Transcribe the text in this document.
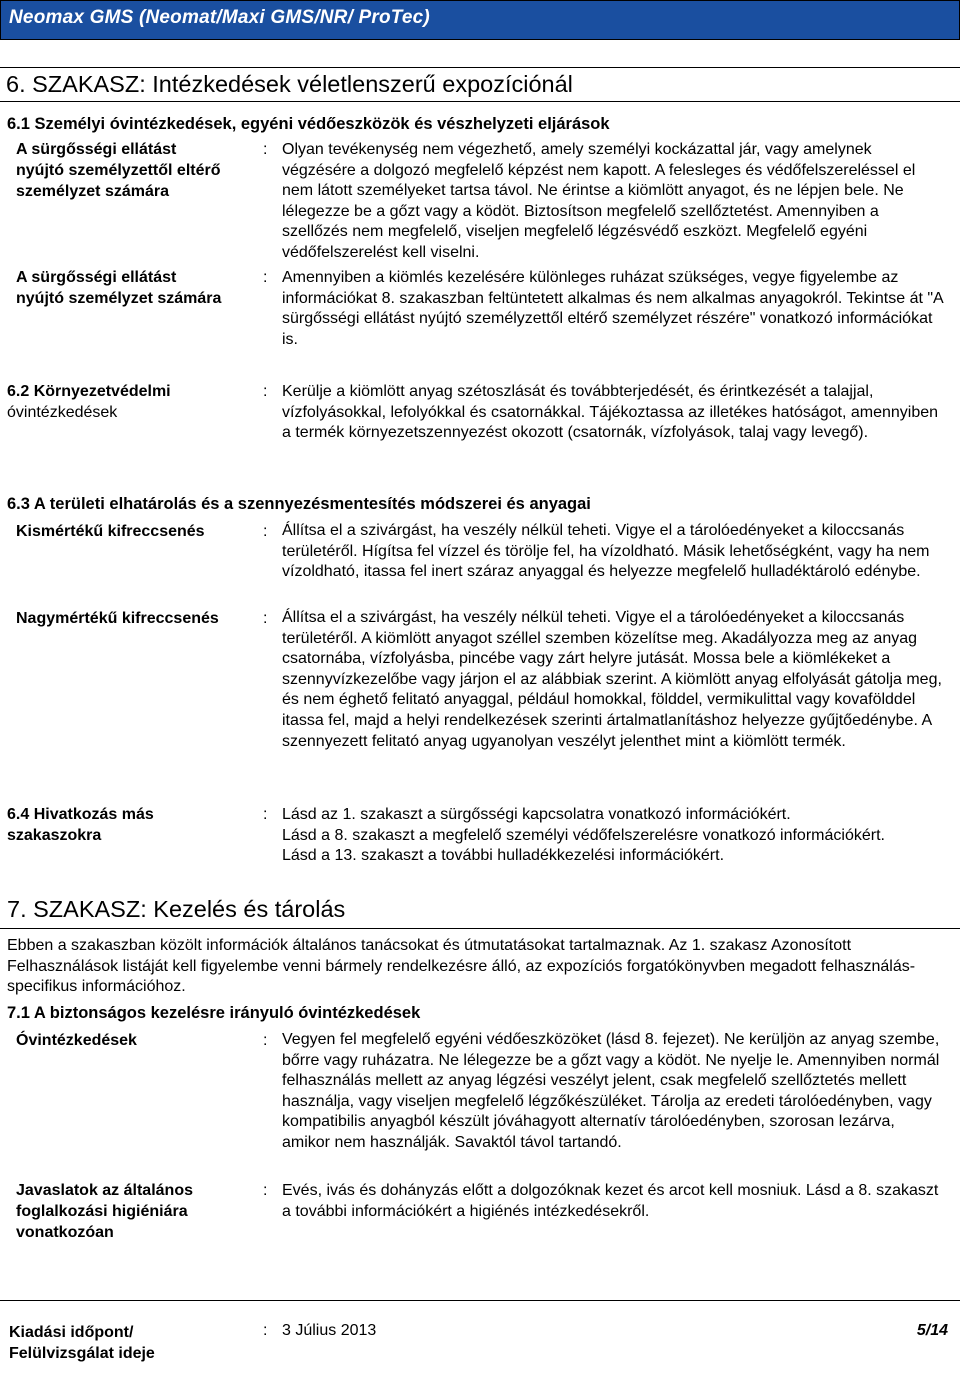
Neomax GMS (Neomat/Maxi GMS/NR/ ProTec)
6. SZAKASZ: Intézkedések véletlenszerű expozíciónál
6.1 Személyi óvintézkedések, egyéni védőeszközök és vészhelyzeti eljárások
A sürgősségi ellátást
nyújtó személyzettől eltérő
személyzet számára
: Olyan tevékenység nem végezhető, amely személyi kockázattal jár, vagy amelynek végzésére a dolgozó megfelelő képzést nem kapott. A felesleges és védőfelszereléssel el nem látott személyeket tartsa távol. Ne érintse a kiömlött anyagot, és ne lépjen bele. Ne lélegezze be a gőzt vagy a ködöt. Biztosítson megfelelő szellőztetést. Amennyiben a szellőzés nem megfelelő, viseljen megfelelő légzésvédő eszközt. Megfelelő egyéni védőfelszerelést kell viselni.
A sürgősségi ellátást
nyújtó személyzet számára
: Amennyiben a kiömlés kezelésére különleges ruházat szükséges, vegye figyelembe az információkat 8. szakaszban feltüntetett alkalmas és nem alkalmas anyagokról. Tekintse át "A sürgősségi ellátást nyújtó személyzettől eltérő személyzet részére" vonatkozó információkat is.
6.2 Környezetvédelmi
óvintézkedések
: Kerülje a kiömlött anyag szétoszlását és továbbterjedését, és érintkezését a talajjal, vízfolyásokkal, lefolyókkal és csatornákkal. Tájékoztassa az illetékes hatóságot, amennyiben a termék környezetszennyezést okozott (csatornák, vízfolyások, talaj vagy levegő).
6.3 A területi elhatárolás és a szennyezésmentesítés módszerei és anyagai
Kismértékű kifreccsenés	: Állítsa el a szivárgást, ha veszély nélkül teheti. Vigye el a tárolóedényeket a kiloccsanás területéről. Hígítsa fel vízzel és törölje fel, ha vízoldható. Másik lehetőségként, vagy ha nem vízoldható, itassa fel inert száraz anyaggal és helyezze megfelelő hulladéktároló edénybe.
Nagymértékű kifreccsenés	: Állítsa el a szivárgást, ha veszély nélkül teheti. Vigye el a tárolóedényeket a kiloccsanás területéről. A kiömlött anyagot széllel szemben közelítse meg. Akadályozza meg az anyag csatornába, vízfolyásba, pincébe vagy zárt helyre jutását. Mossa bele a kiömlékeket a szennyvízkezelőbe vagy járjon el az alábbiak szerint. A kiömlött anyag elfolyását gátolja meg, és nem éghető felitató anyaggal, például homokkal, földdel, vermikulittal vagy kovafölddel itassa fel, majd a helyi rendelkezések szerinti ártalmatlanításhoz helyezze gyűjtőedénybe. A szennyezett felitató anyag ugyanolyan veszélyt jelenthet mint a kiömlött termék.
6.4 Hivatkozás más
szakaszokra
: Lásd az 1. szakaszt a sürgősségi kapcsolatra vonatkozó információkért.
Lásd a 8. szakaszt a megfelelő személyi védőfelszerelésre vonatkozó információkért.
Lásd a 13. szakaszt a további hulladékkezelési információkért.
7. SZAKASZ: Kezelés és tárolás
Ebben a szakaszban közölt információk általános tanácsokat és útmutatásokat tartalmaznak. Az 1. szakasz Azonosított Felhasználások listáját kell figyelembe venni bármely rendelkezésre álló, az expozíciós forgatókönyvben megadott felhasználás-specifikus információhoz.
7.1 A biztonságos kezelésre irányuló óvintézkedések
Óvintézkedések	: Vegyen fel megfelelő egyéni védőeszközöket (lásd 8. fejezet). Ne kerüljön az anyag szembe, bőrre vagy ruházatra. Ne lélegezze be a gőzt vagy a ködöt. Ne nyelje le. Amennyiben normál felhasználás mellett az anyag légzési veszélyt jelent, csak megfelelő szellőztetés mellett használja, vagy viseljen megfelelő légzőkészüléket. Tárolja az eredeti tárolóedényben, vagy kompatibilis anyagból készült jóváhagyott alternatív tárolóedényben, szorosan lezárva, amikor nem használják. Savaktól távol tartandó.
Javaslatok az általános
foglalkozási higiéniára
vonatkozóan
: Evés, ivás és dohányzás előtt a dolgozóknak kezet és arcot kell mosniuk. Lásd a 8. szakaszt a további információkért a higiénés intézkedésekről.
Kiadási időpont/
Felülvizsgálat ideje
: 3 Július 2013	5/14
